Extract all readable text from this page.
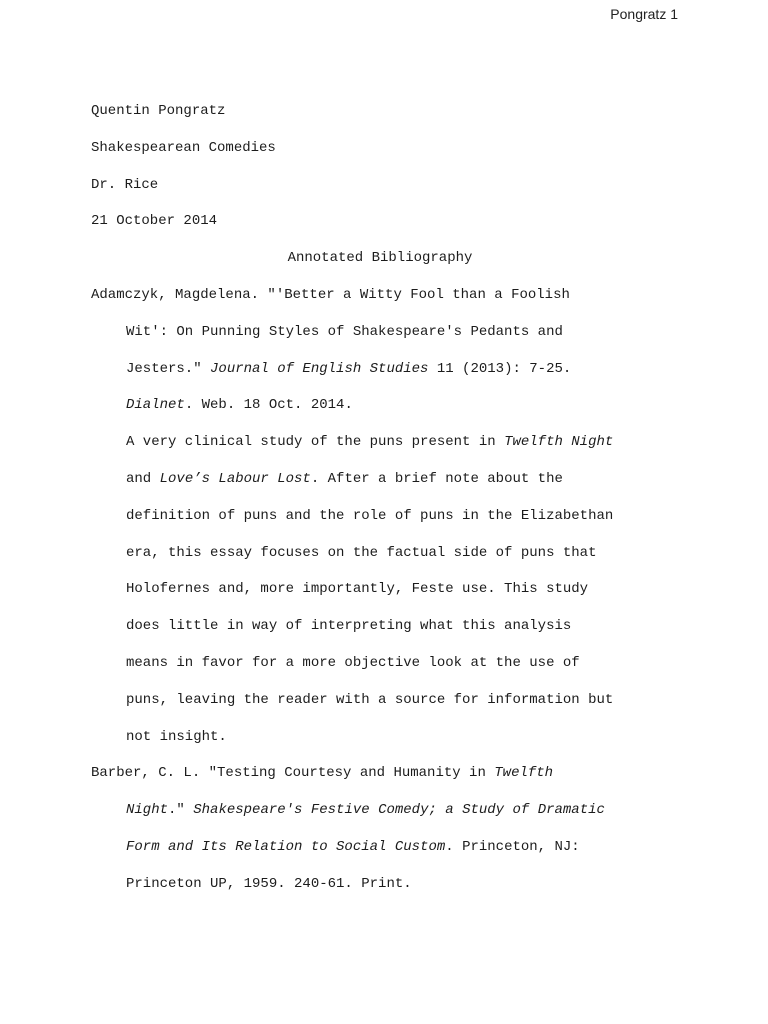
Pongratz 1
Quentin Pongratz
Shakespearean Comedies
Dr. Rice
21 October 2014
Annotated Bibliography
Adamczyk, Magdelena. "'Better a Witty Fool than a Foolish
Wit': On Punning Styles of Shakespeare's Pedants and
Jesters." Journal of English Studies 11 (2013): 7-25.
Dialnet. Web. 18 Oct. 2014.
A very clinical study of the puns present in Twelfth Night
and Love’s Labour Lost. After a brief note about the
definition of puns and the role of puns in the Elizabethan
era, this essay focuses on the factual side of puns that
Holofernes and, more importantly, Feste use. This study
does little in way of interpreting what this analysis
means in favor for a more objective look at the use of
puns, leaving the reader with a source for information but
not insight.
Barber, C. L. "Testing Courtesy and Humanity in Twelfth
Night." Shakespeare's Festive Comedy; a Study of Dramatic
Form and Its Relation to Social Custom. Princeton, NJ:
Princeton UP, 1959. 240-61. Print.
